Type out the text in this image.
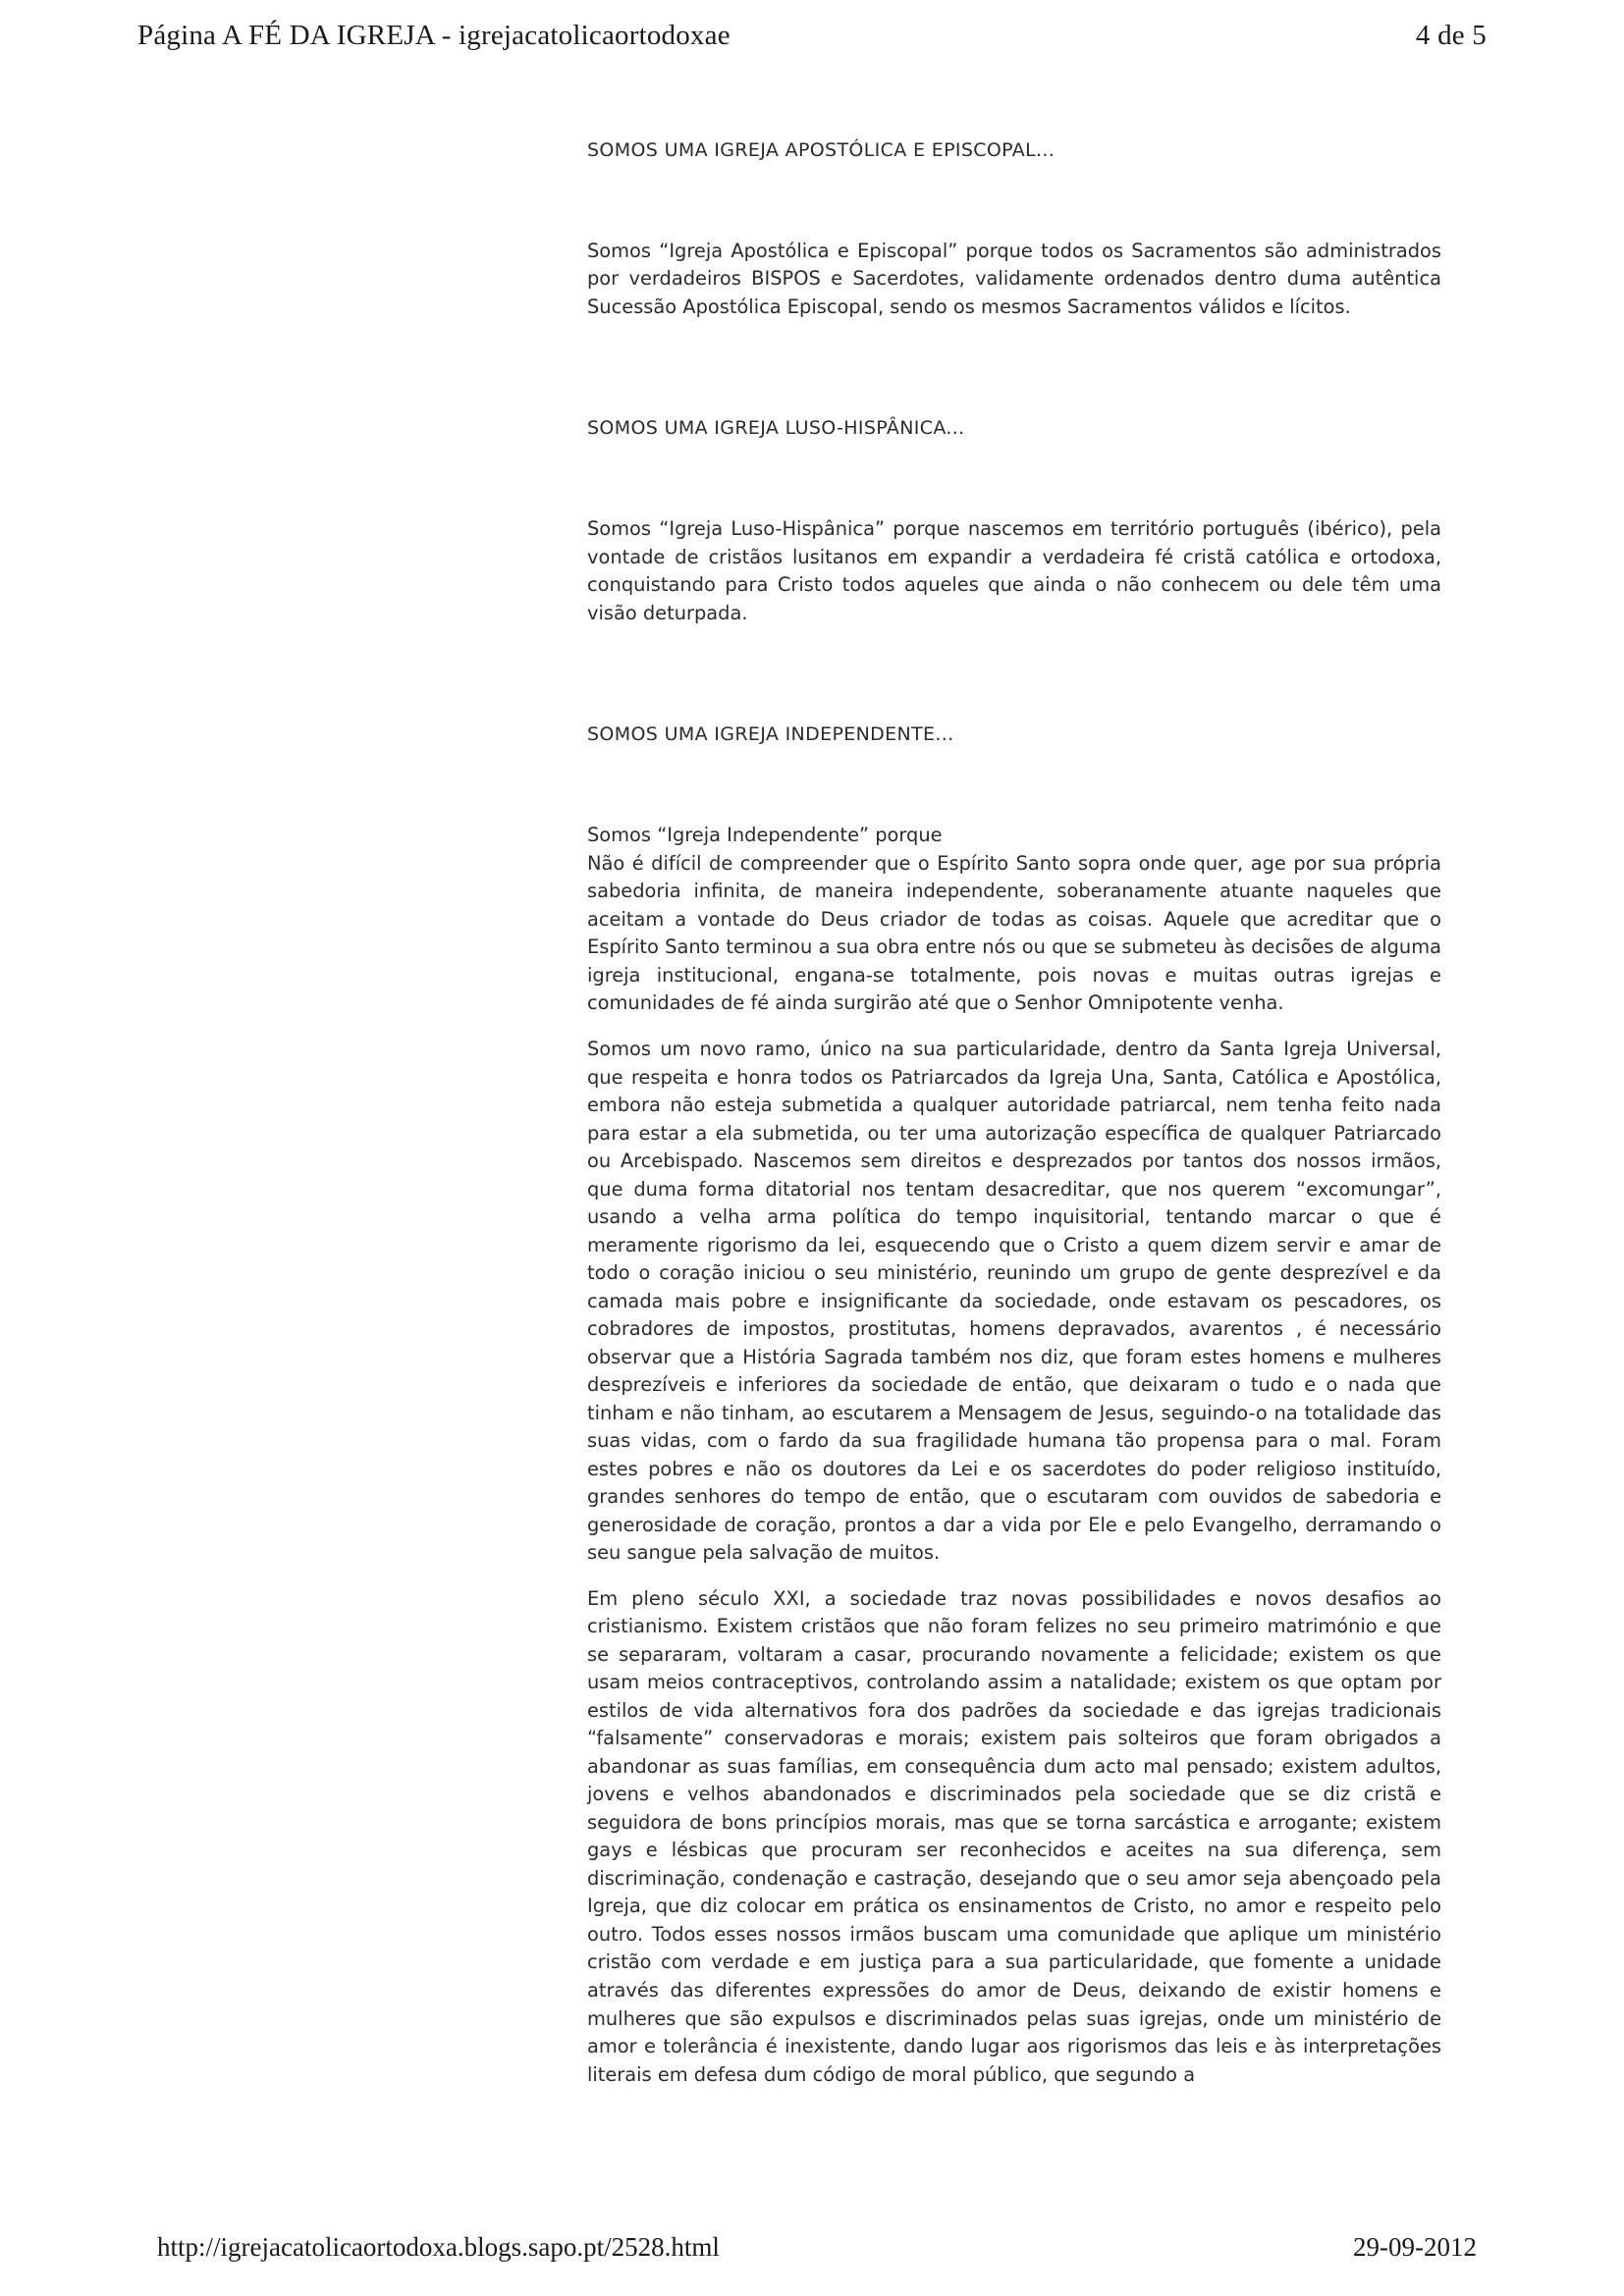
Página A FÉ DA IGREJA - igrejacatolicaortodoxae	4 de 5

SOMOS UMA IGREJA APOSTÓLICA E EPISCOPAL...

Somos “Igreja Apostólica e Episcopal” porque todos os Sacramentos são administrados por verdadeiros BISPOS e Sacerdotes, validamente ordenados dentro duma autêntica Sucessão Apostólica Episcopal, sendo os mesmos Sacramentos válidos e lícitos.

SOMOS UMA IGREJA LUSO-HISPÂNICA...

Somos “Igreja Luso-Hispânica” porque nascemos em território português (ibérico), pela vontade de cristãos lusitanos em expandir a verdadeira fé cristã católica e ortodoxa, conquistando para Cristo todos aqueles que ainda o não conhecem ou dele têm uma visão deturpada.

SOMOS UMA IGREJA INDEPENDENTE...

Somos “Igreja Independente” porque

Não é difícil de compreender que o Espírito Santo sopra onde quer, age por sua própria sabedoria infinita, de maneira independente, soberanamente atuante naqueles que aceitam a vontade do Deus criador de todas as coisas. Aquele que acreditar que o Espírito Santo terminou a sua obra entre nós ou que se submeteu às decisões de alguma igreja institucional, engana-se totalmente, pois novas e muitas outras igrejas e comunidades de fé ainda surgirão até que o Senhor Omnipotente venha.

Somos um novo ramo, único na sua particularidade, dentro da Santa Igreja Universal, que respeita e honra todos os Patriarcados da Igreja Una, Santa, Católica e Apostólica, embora não esteja submetida a qualquer autoridade patriarcal, nem tenha feito nada para estar a ela submetida, ou ter uma autorização específica de qualquer Patriarcado ou Arcebispado. Nascemos sem direitos e desprezados por tantos dos nossos irmãos, que duma forma ditatorial nos tentam desacreditar, que nos querem “excomungar”, usando a velha arma política do tempo inquisitorial, tentando marcar o que é meramente rigorismo da lei, esquecendo que o Cristo a quem dizem servir e amar de todo o coração iniciou o seu ministério, reunindo um grupo de gente desprezível e da camada mais pobre e insignificante da sociedade, onde estavam os pescadores, os cobradores de impostos, prostitutas, homens depravados, avarentos , é necessário observar que a História Sagrada também nos diz, que foram estes homens e mulheres desprezíveis e inferiores da sociedade de então, que deixaram o tudo e o nada que tinham e não tinham, ao escutarem a Mensagem de Jesus, seguindo-o na totalidade das suas vidas, com o fardo da sua fragilidade humana tão propensa para o mal. Foram estes pobres e não os doutores da Lei e os sacerdotes do poder religioso instituído, grandes senhores do tempo de então, que o escutaram com ouvidos de sabedoria e generosidade de coração, prontos a dar a vida por Ele e pelo Evangelho, derramando o seu sangue pela salvação de muitos.

Em pleno século XXI, a sociedade traz novas possibilidades e novos desafios ao cristianismo. Existem cristãos que não foram felizes no seu primeiro matrimónio e que se separaram, voltaram a casar, procurando novamente a felicidade; existem os que usam meios contraceptivos, controlando assim a natalidade; existem os que optam por estilos de vida alternativos fora dos padrões da sociedade e das igrejas tradicionais “falsamente” conservadoras e morais; existem pais solteiros que foram obrigados a abandonar as suas famílias, em consequência dum acto mal pensado; existem adultos, jovens e velhos abandonados e discriminados pela sociedade que se diz cristã e seguidora de bons princípios morais, mas que se torna sarcástica e arrogante; existem gays e lésbicas que procuram ser reconhecidos e aceites na sua diferença, sem discriminação, condenação e castração, desejando que o seu amor seja abençoado pela Igreja, que diz colocar em prática os ensinamentos de Cristo, no amor e respeito pelo outro. Todos esses nossos irmãos buscam uma comunidade que aplique um ministério cristão com verdade e em justiça para a sua particularidade, que fomente a unidade através das diferentes expressões do amor de Deus, deixando de existir homens e mulheres que são expulsos e discriminados pelas suas igrejas, onde um ministério de amor e tolerância é inexistente, dando lugar aos rigorismos das leis e às interpretações literais em defesa dum código de moral público, que segundo a

http://igrejacatolicaortodoxa.blogs.sapo.pt/2528.html	29-09-2012
